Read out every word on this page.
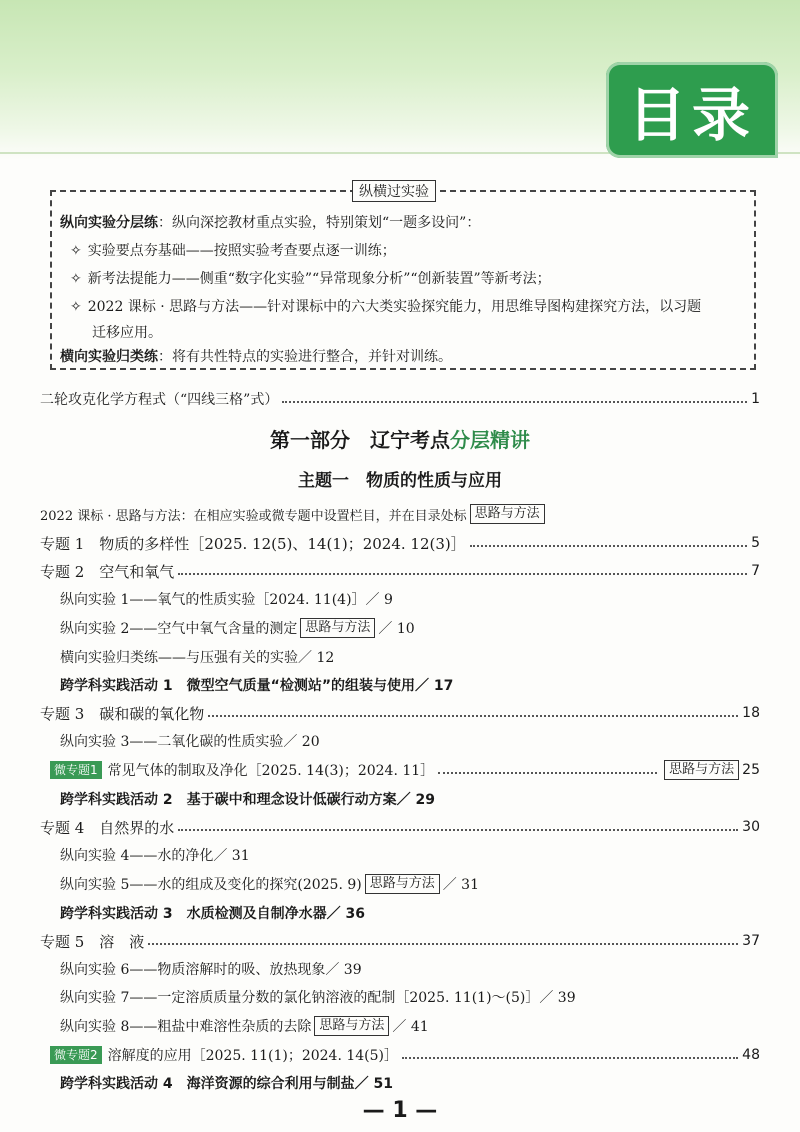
目录
纵横过实验
纵向实验分层练：纵向深挖教材重点实验，特别策划“一题多设问”：
✧ 实验要点夯基础——按照实验考查要点逐一训练；
✧ 新考法提能力——侧重“数字化实验”“异常现象分析”“创新装置”等新考法；
✧ 2022 课标 · 思路与方法——针对课标中的六大类实验探究能力，用思维导图构建探究方法，以习题
迁移应用。
横向实验归类练：将有共性特点的实验进行整合，并针对训练。
二轮攻克化学方程式（“四线三格”式）	1
第一部分　辽宁考点分层精讲
主题一　物质的性质与应用
2022 课标 · 思路与方法：在相应实验或微专题中设置栏目，并在目录处标 思路与方法
专题 1　物质的多样性［2025. 12(5)、14(1)；2024. 12(3)］	5
专题 2　空气和氧气	7
纵向实验 1——氧气的性质实验［2024. 11(4)］／ 9
纵向实验 2——空气中氧气含量的测定 思路与方法 ／ 10
横向实验归类练——与压强有关的实验／ 12
跨学科实践活动 1　微型空气质量“检测站”的组装与使用／ 17
专题 3　碳和碳的氧化物	18
纵向实验 3——二氧化碳的性质实验／ 20
微专题1 常见气体的制取及净化［2025. 14(3)；2024. 11］	思路与方法 25
跨学科实践活动 2　基于碳中和理念设计低碳行动方案／ 29
专题 4　自然界的水	30
纵向实验 4——水的净化／ 31
纵向实验 5——水的组成及变化的探究(2025. 9) 思路与方法 ／ 31
跨学科实践活动 3　水质检测及自制净水器／ 36
专题 5　溶　液	37
纵向实验 6——物质溶解时的吸、放热现象／ 39
纵向实验 7——一定溶质质量分数的氯化钠溶液的配制［2025. 11(1)～(5)］／ 39
纵向实验 8——粗盐中难溶性杂质的去除 思路与方法 ／ 41
微专题2 溶解度的应用［2025. 11(1)；2024. 14(5)］	48
跨学科实践活动 4　海洋资源的综合利用与制盐／ 51
— 1 —
